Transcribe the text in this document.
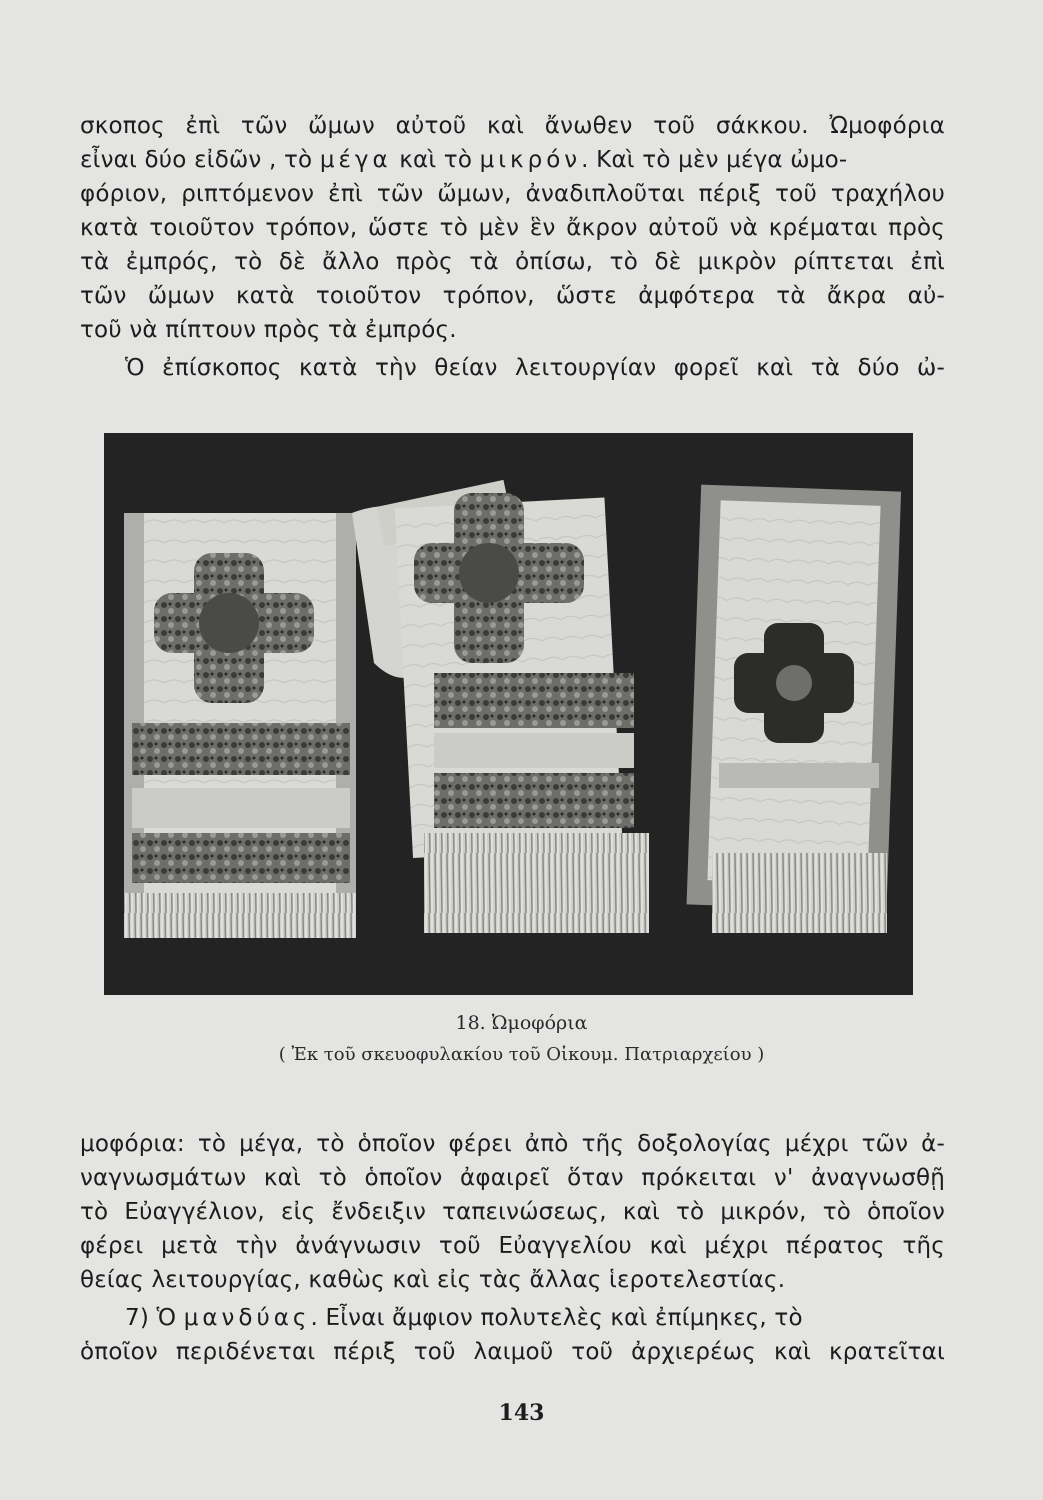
σκοπος ἐπὶ τῶν ὤμων αὐτοῦ καὶ ἄνωθεν τοῦ σάκκου. Ὠμοφόρια
εἶναι δύο εἰδῶν , τὸ μέγα καὶ τὸ μικρόν. Καὶ τὸ μὲν μέγα ὠμο-
φόριον, ριπτόμενον ἐπὶ τῶν ὤμων, ἀναδιπλοῦται πέριξ τοῦ τραχήλου
κατὰ τοιοῦτον τρόπον, ὥστε τὸ μὲν ἓν ἄκρον αὐτοῦ νὰ κρέμαται πρὸς
τὰ ἐμπρός, τὸ δὲ ἄλλο πρὸς τὰ ὀπίσω, τὸ δὲ μικρὸν ρίπτεται ἐπὶ
τῶν ὤμων κατὰ τοιοῦτον τρόπον, ὥστε ἀμφότερα τὰ ἄκρα αὐ-
τοῦ νὰ πίπτουν πρὸς τὰ ἐμπρός.
Ὁ ἐπίσκοπος κατὰ τὴν θείαν λειτουργίαν φορεῖ καὶ τὰ δύο ὠ-
18. Ὠμοφόρια
( Ἐκ τοῦ σκευοφυλακίου τοῦ Οἰκουμ. Πατριαρχείου )
μοφόρια: τὸ μέγα, τὸ ὁποῖον φέρει ἀπὸ τῆς δοξολογίας μέχρι τῶν ἀ-
ναγνωσμάτων καὶ τὸ ὁποῖον ἀφαιρεῖ ὅταν πρόκειται ν' ἀναγνωσθῇ
τὸ Εὐαγγέλιον, εἰς ἔνδειξιν ταπεινώσεως, καὶ τὸ μικρόν, τὸ ὁποῖον
φέρει μετὰ τὴν ἀνάγνωσιν τοῦ Εὐαγγελίου καὶ μέχρι πέρατος τῆς
θείας λειτουργίας, καθὼς καὶ εἰς τὰς ἄλλας ἱεροτελεστίας.
7) Ὁ μανδύας. Εἶναι ἄμφιον πολυτελὲς καὶ ἐπίμηκες, τὸ
ὁποῖον περιδένεται πέριξ τοῦ λαιμοῦ τοῦ ἀρχιερέως καὶ κρατεῖται
143
